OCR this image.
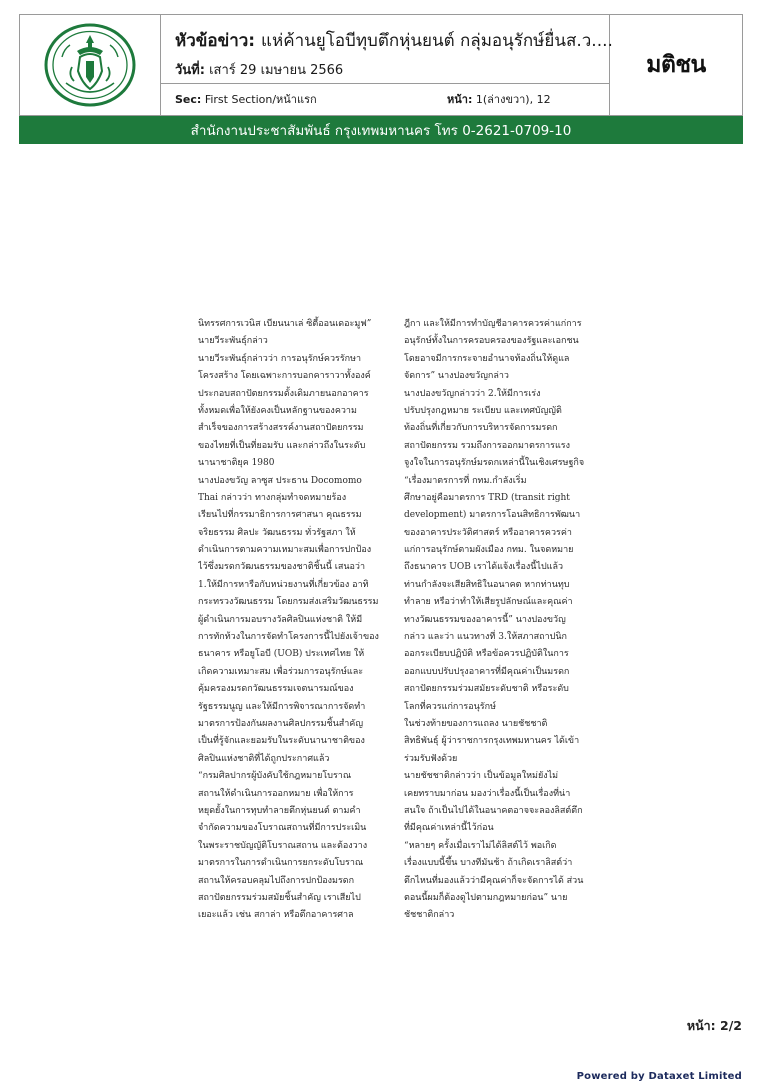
หัวข้อข่าว: แห่ค้านยูโอบีทุบตึกหุ่นยนต์ กลุ่มอนุรักษ์ยื่นส.ว....
วันที่: เสาร์ 29 เมษายน 2566
Sec: First Section/หน้าแรก	หน้า: 1(ล่างขวา), 12
มติชน
สำนักงานประชาสัมพันธ์ กรุงเทพมหานคร โทร 0-2621-0709-10
นิทรรศการเวนิส เบียนนาเล่ ซิตี้ออนเดอะมูฟ”
นายวีระพันธุ์กล่าว
นายวีระพันธุ์กล่าวว่า การอนุรักษ์ควรรักษา
โครงสร้าง โดยเฉพาะการบอกคาราวาทั้งองค์
ประกอบสถาปัตยกรรมดั้งเดิมภายนอกอาคาร
ทั้งหมดเพื่อให้ยังคงเป็นหลักฐานของความ
สำเร็จของการสร้างสรรค์งานสถาปัตยกรรม
ของไทยที่เป็นที่ยอมรับ และกล่าวถึงในระดับ
นานาชาติยุค 1980
นางปองขวัญ ลาซูส ประธาน Docomomo
Thai กล่าวว่า ทางกลุ่มทำจดหมายร้อง
เรียนไปที่กรรมาธิการการศาสนา คุณธรรม
จริยธรรม ศิลปะ วัฒนธรรม ทั่วรัฐสภา ให้
ดำเนินการตามความเหมาะสมเพื่อการปกป้อง
ไว้ซึ่งมรดกวัฒนธรรมของชาติชิ้นนี้ เสนอว่า
1.ให้มีการหารือกับหน่วยงานที่เกี่ยวข้อง อาทิ
กระทรวงวัฒนธรรม โดยกรมส่งเสริมวัฒนธรรม
ผู้ดำเนินการมอบรางวัลศิลปินแห่งชาติ ให้มี
การทักท้วงในการจัดทำโครงการนี้ไปยังเจ้าของ
ธนาคาร หรือยูโอบี (UOB) ประเทศไทย ให้
เกิดความเหมาะสม เพื่อร่วมการอนุรักษ์และ
คุ้มครองมรดกวัฒนธรรมเจตนารมณ์ของ
รัฐธรรมนูญ และให้มีการพิจารณาการจัดทำ
มาตรการป้องกันผลงานศิลปกรรมชิ้นสำคัญ
เป็นที่รู้จักและยอมรับในระดับนานาชาติของ
ศิลปินแห่งชาติที่ได้ถูกประกาศแล้ว
“กรมศิลปากรผู้บังคับใช้กฎหมายโบราณ
สถานให้ดำเนินการออกหมาย เพื่อให้การ
หยุดยั้งในการทุบทำลายตึกหุ่นยนต์ ตามคำ
จำกัดความของโบราณสถานที่มีการประเมิน
ในพระราชบัญญัติโบราณสถาน และต้องวาง
มาตรการในการดำเนินการยกระดับโบราณ
สถานให้ครอบคลุมไปถึงการปกป้องมรดก
สถาปัตยกรรมร่วมสมัยชิ้นสำคัญ เราเสียไป
เยอะแล้ว เช่น สกาล่า หรือตึกอาคารศาล
ฎีกา และให้มีการทำบัญชีอาคารควรค่าแก่การ
อนุรักษ์ทั้งในการครอบครองของรัฐและเอกชน
โดยอาจมีการกระจายอำนาจท้องถิ่นให้ดูแล
จัดการ” นางปองขวัญกล่าว
นางปองขวัญกล่าวว่า 2.ให้มีการเร่ง
ปรับปรุงกฎหมาย ระเบียบ และเทศบัญญัติ
ท้องถิ่นที่เกี่ยวกับการบริหารจัดการมรดก
สถาปัตยกรรม รวมถึงการออกมาตรการแรง
จูงใจในการอนุรักษ์มรดกเหล่านี้ในเชิงเศรษฐกิจ
“เรื่องมาตรการที่ กทม.กำลังเริ่ม
ศึกษาอยู่คือมาตรการ TRD (transit right
development) มาตรการโอนสิทธิการพัฒนา
ของอาคารประวัติศาสตร์ หรืออาคารควรค่า
แก่การอนุรักษ์ตามผังเมือง กทม. ในจดหมาย
ถึงธนาคาร UOB เราได้แจ้งเรื่องนี้ไปแล้ว
ท่านกำลังจะเสียสิทธิในอนาคต หากท่านทุบ
ทำลาย หรือว่าทำให้เสียรูปลักษณ์และคุณค่า
ทางวัฒนธรรมของอาคารนี้” นางปองขวัญ
กล่าว และว่า แนวทางที่ 3.ให้สภาสถาปนิก
ออกระเบียบปฏิบัติ หรือข้อควรปฏิบัติในการ
ออกแบบปรับปรุงอาคารที่มีคุณค่าเป็นมรดก
สถาปัตยกรรมร่วมสมัยระดับชาติ หรือระดับ
โลกที่ควรแก่การอนุรักษ์
ในช่วงท้ายของการแถลง นายชัชชาติ
สิทธิพันธุ์ ผู้ว่าราชการกรุงเทพมหานคร ได้เข้า
ร่วมรับฟังด้วย
นายชัชชาติกล่าวว่า เป็นข้อมูลใหม่ยังไม่
เคยทราบมาก่อน มองว่าเรื่องนี้เป็นเรื่องที่น่า
สนใจ ถ้าเป็นไปได้ในอนาคตอาจจะลองลิสต์ตึก
ที่มีคุณค่าเหล่านี้ไว้ก่อน
“หลายๆ ครั้งเมื่อเราไม่ได้ลิสต์ไว้ พอเกิด
เรื่องแบบนี้ขึ้น บางทีมันช้า ถ้าเกิดเราลิสต์ว่า
ตึกไหนที่มองแล้วว่ามีคุณค่าก็จะจัดการได้ ส่วน
ตอนนี้ผมก็ต้องดูไปตามกฎหมายก่อน” นาย
ชัชชาติกล่าว
หน้า: 2/2
Powered by Dataxet Limited
